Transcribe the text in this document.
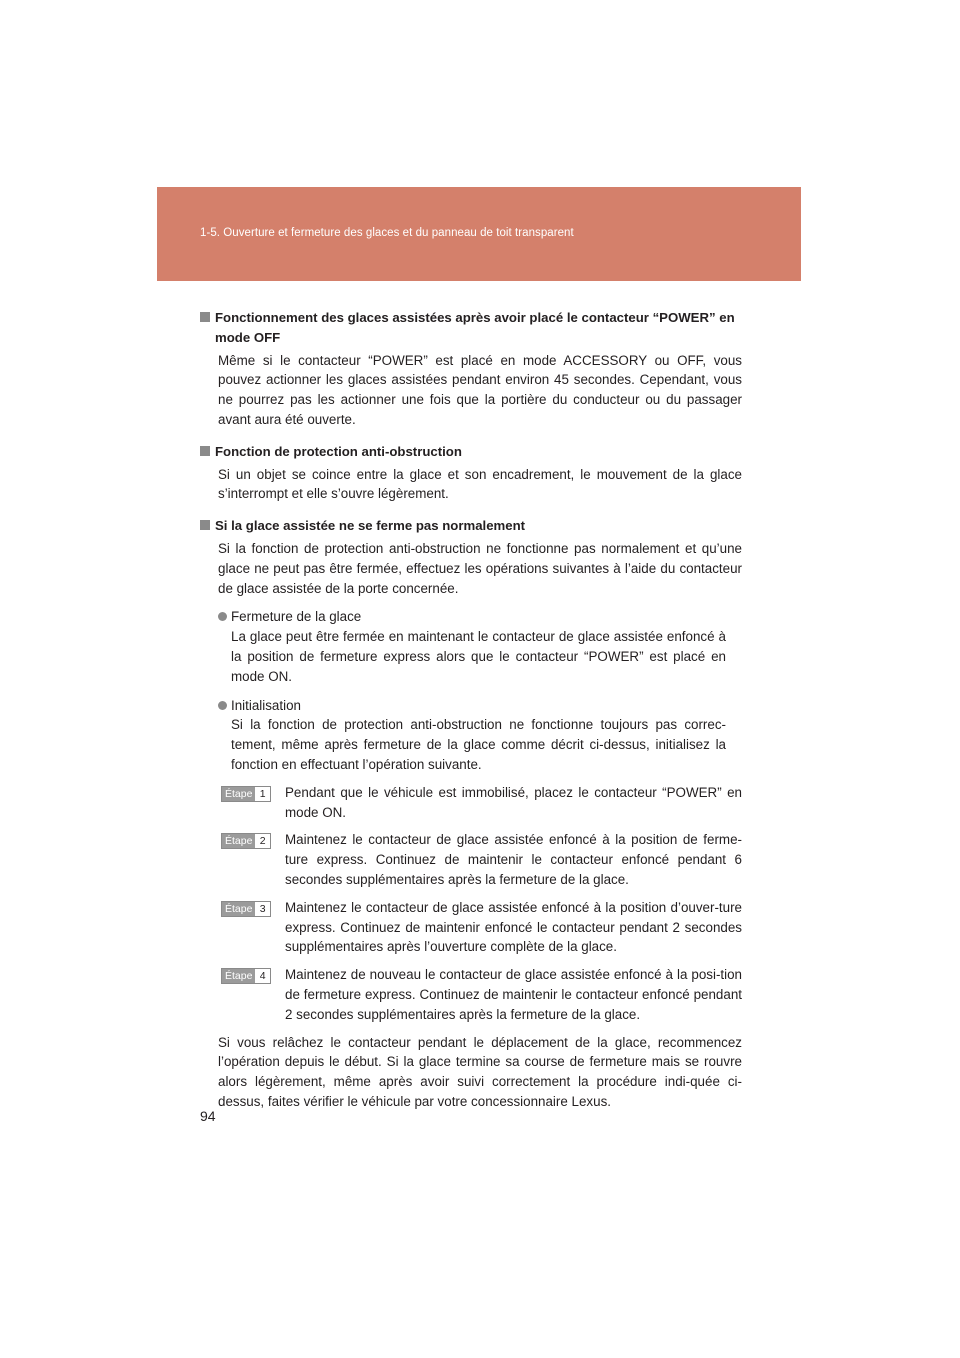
1-5. Ouverture et fermeture des glaces et du panneau de toit transparent
Fonctionnement des glaces assistées après avoir placé le contacteur “POWER” en mode OFF
Même si le contacteur “POWER” est placé en mode ACCESSORY ou OFF, vous pouvez actionner les glaces assistées pendant environ 45 secondes. Cependant, vous ne pourrez pas les actionner une fois que la portière du conducteur ou du passager avant aura été ouverte.
Fonction de protection anti-obstruction
Si un objet se coince entre la glace et son encadrement, le mouvement de la glace s’interrompt et elle s’ouvre légèrement.
Si la glace assistée ne se ferme pas normalement
Si la fonction de protection anti-obstruction ne fonctionne pas normalement et qu’une glace ne peut pas être fermée, effectuez les opérations suivantes à l’aide du contacteur de glace assistée de la porte concernée.
Fermeture de la glace
La glace peut être fermée en maintenant le contacteur de glace assistée enfoncé à la position de fermeture express alors que le contacteur “POWER” est placé en mode ON.
Initialisation
Si la fonction de protection anti-obstruction ne fonctionne toujours pas correc-tement, même après fermeture de la glace comme décrit ci-dessus, initialisez la fonction en effectuant l’opération suivante.
Étape 1	Pendant que le véhicule est immobilisé, placez le contacteur “POWER” en mode ON.
Étape 2	Maintenez le contacteur de glace assistée enfoncé à la position de ferme-ture express. Continuez de maintenir le contacteur enfoncé pendant 6 secondes supplémentaires après la fermeture de la glace.
Étape 3	Maintenez le contacteur de glace assistée enfoncé à la position d’ouver-ture express. Continuez de maintenir enfoncé le contacteur pendant 2 secondes supplémentaires après l’ouverture complète de la glace.
Étape 4	Maintenez de nouveau le contacteur de glace assistée enfoncé à la posi-tion de fermeture express. Continuez de maintenir le contacteur enfoncé pendant 2 secondes supplémentaires après la fermeture de la glace.
Si vous relâchez le contacteur pendant le déplacement de la glace, recommencez l’opération depuis le début. Si la glace termine sa course de fermeture mais se rouvre alors légèrement, même après avoir suivi correctement la procédure indi-quée ci-dessus, faites vérifier le véhicule par votre concessionnaire Lexus.
94
